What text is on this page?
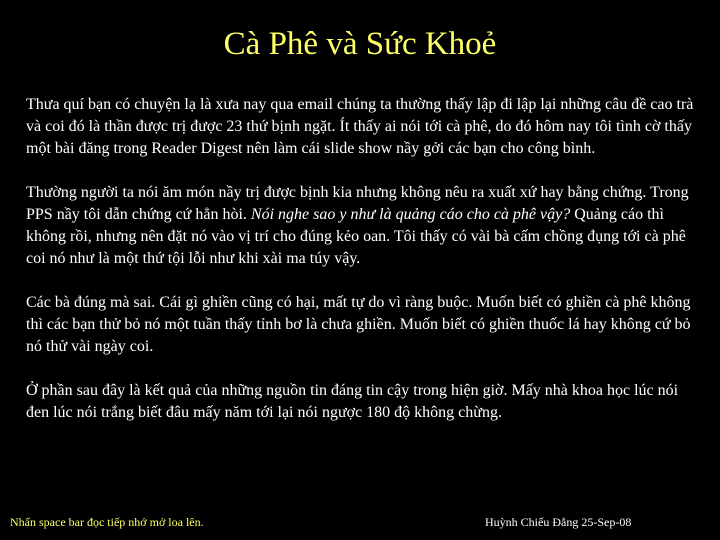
Cà Phê và Sức Khoẻ

Thưa quí bạn có chuyện lạ là xưa nay qua email chúng ta thường thấy lập đi lập lại những câu đề cao trà và coi đó là thần được trị được 23 thứ bịnh ngặt. Ít thấy ai nói tới cà phê, do đó hôm nay tôi tình cờ thấy một bài đăng trong Reader Digest nên làm cái slide show nầy gởi các bạn cho công bình.

Thường người ta nói ăm món nầy trị được bịnh kia nhưng không nêu ra xuất xứ hay bằng chứng. Trong PPS nầy tôi dẫn chứng cứ hẳn hòi. Nói nghe sao y như là quảng cáo cho cà phê vậy? Quảng cáo thì không rồi, nhưng nên đặt nó vào vị trí cho đúng kẻo oan. Tôi thấy có vài bà cấm chồng đụng tới cà phê coi nó như là một thứ tội lỗi như khi xài ma túy vậy.

Các bà đúng mà sai. Cái gì ghiền cũng có hại, mất tự do vì ràng buộc. Muốn biết có ghiền cà phê không thì các bạn thử bỏ nó một tuần thấy tỉnh bơ là chưa ghiền. Muốn biết có ghiền thuốc lá hay không cứ bỏ nó thử vài ngày coi.

Ở phần sau đây là kết quả của những nguồn tin đáng tin cậy trong hiện giờ. Mấy nhà khoa học lúc nói đen lúc nói trắng biết đâu mấy năm tới lại nói ngược 180 độ không chừng.

Nhấn space bar đọc tiếp nhớ mở loa lên.	Huỳnh Chiếu Đẳng 25-Sep-08
